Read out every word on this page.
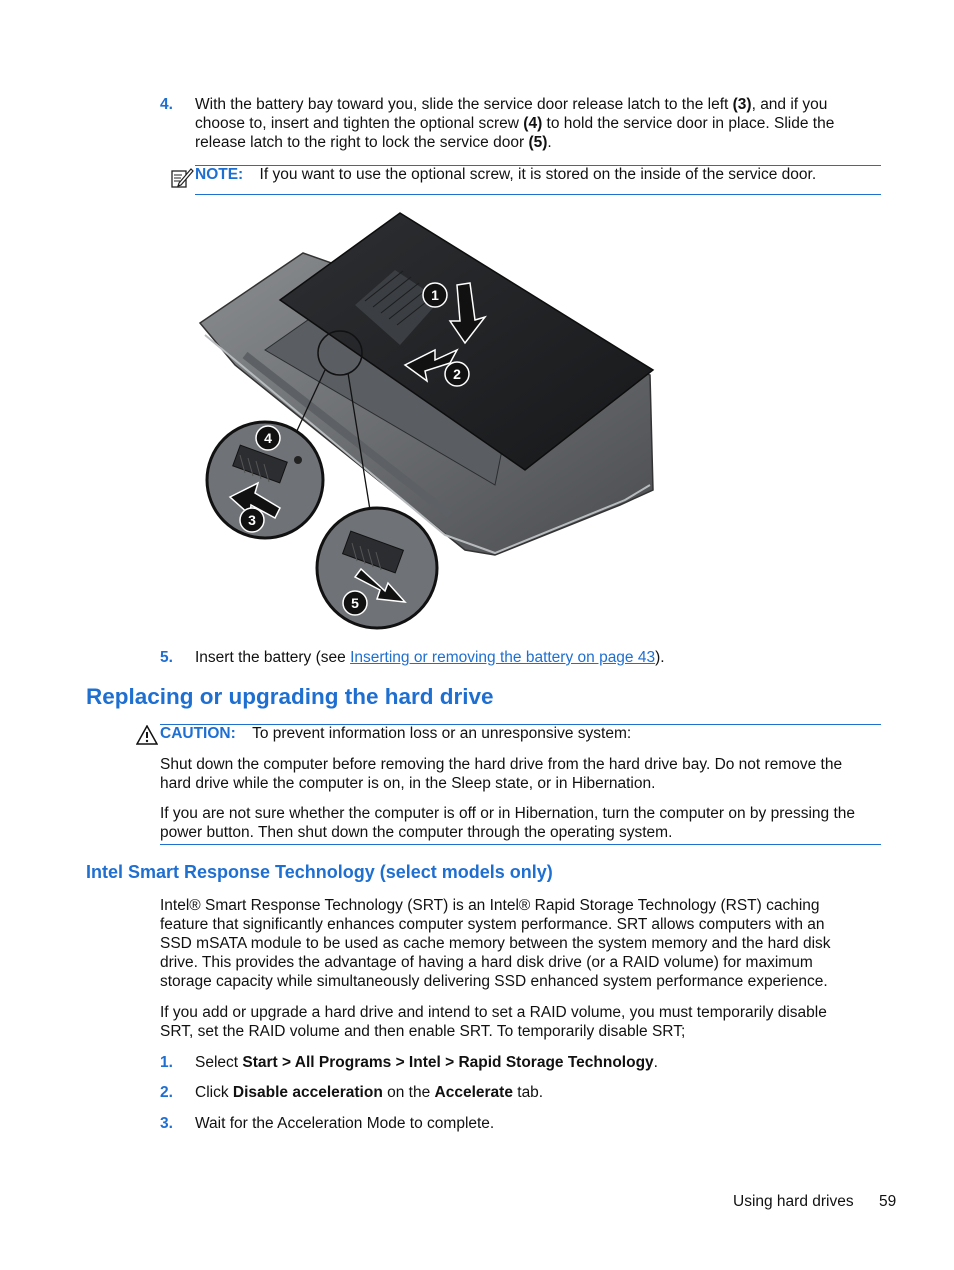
4. With the battery bay toward you, slide the service door release latch to the left (3), and if you
choose to, insert and tighten the optional screw (4) to hold the service door in place. Slide the
release latch to the right to lock the service door (5).
NOTE: If you want to use the optional screw, it is stored on the inside of the service door.
1
2
4
3
5
5. Insert the battery (see Inserting or removing the battery on page 43).
Replacing or upgrading the hard drive
CAUTION: To prevent information loss or an unresponsive system:
Shut down the computer before removing the hard drive from the hard drive bay. Do not remove the
hard drive while the computer is on, in the Sleep state, or in Hibernation.
If you are not sure whether the computer is off or in Hibernation, turn the computer on by pressing the
power button. Then shut down the computer through the operating system.
Intel Smart Response Technology (select models only)
Intel® Smart Response Technology (SRT) is an Intel® Rapid Storage Technology (RST) caching
feature that significantly enhances computer system performance. SRT allows computers with an
SSD mSATA module to be used as cache memory between the system memory and the hard disk
drive. This provides the advantage of having a hard disk drive (or a RAID volume) for maximum
storage capacity while simultaneously delivering SSD enhanced system performance experience.
If you add or upgrade a hard drive and intend to set a RAID volume, you must temporarily disable
SRT, set the RAID volume and then enable SRT. To temporarily disable SRT;
1. Select Start > All Programs > Intel > Rapid Storage Technology.
2. Click Disable acceleration on the Accelerate tab.
3. Wait for the Acceleration Mode to complete.
Using hard drives 59
